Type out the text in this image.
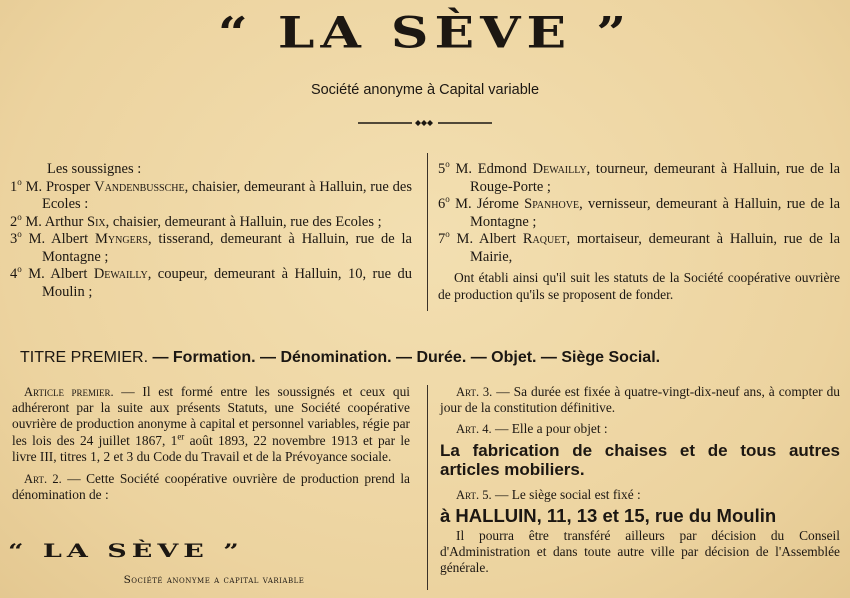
“ LA SÈVE ”
Société anonyme à Capital variable

Les soussignes :

1$^o$ M. Prosper Vandenbussche, chaisier, demeurant à Halluin, rue des Ecoles :

2$^o$ M. Arthur Six, chaisier, demeurant à Halluin, rue des Ecoles ;

3$^o$ M. Albert Myngers, tisserand, demeurant à Halluin, rue de la Montagne ;

4$^o$ M. Albert Dewailly, coupeur, demeurant à Halluin, 10, rue du Moulin ;

5$^o$ M. Edmond Dewailly, tourneur, demeurant à Halluin, rue de la Rouge-Porte ;

6$^o$ M. Jérome Spanhove, vernisseur, demeurant à Halluin, rue de la Montagne ;

7$^o$ M. Albert Raquet, mortaiseur, demeurant à Halluin, rue de la Mairie,

Ont établi ainsi qu'il suit les statuts de la Société coopérative ouvrière de production qu'ils se proposent de fonder.

TITRE PREMIER. — Formation. — Dénomination. — Durée. — Objet. — Siège Social.

Article premier. — Il est formé entre les soussignés et ceux qui adhéreront par la suite aux présents Statuts, une Société coopérative ouvrière de production anonyme à capital et personnel variables, régie par les lois des 24 juillet 1867, 1er août 1893, 22 novembre 1913 et par le livre III, titres 1, 2 et 3 du Code du Travail et de la Prévoyance sociale.

Art. 2. — Cette Société coopérative ouvrière de production prend la dénomination de :

“ LA SÈVE ”
Société anonyme a capital variable

Art. 3. — Sa durée est fixée à quatre-vingt-dix-neuf ans, à compter du jour de la constitution définitive.

Art. 4. — Elle a pour objet :

La fabrication de chaises et de tous autres articles mobiliers.

Art. 5. — Le siège social est fixé :

à HALLUIN, 11, 13 et 15, rue du Moulin

Il pourra être transféré ailleurs par décision du Conseil d'Administration et dans toute autre ville par décision de l'Assemblée générale.
